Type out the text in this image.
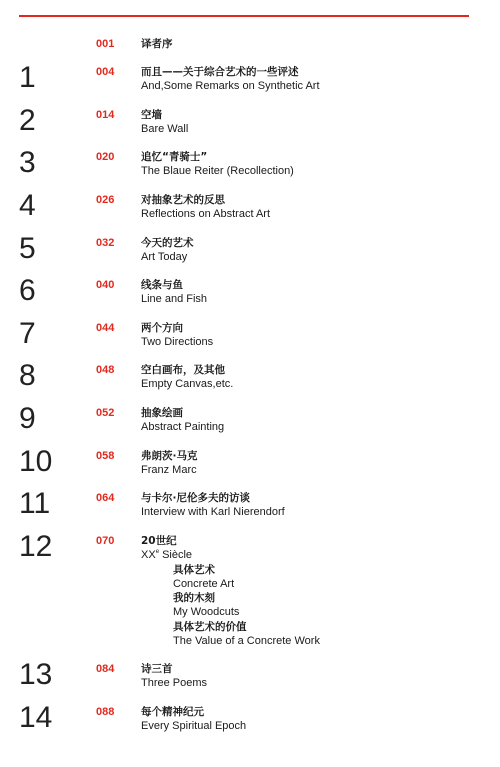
001	译者序
1	004	而且——关于综合艺术的一些评述
And,Some Remarks on Synthetic Art
2	014	空墙
Bare Wall
3	020	追忆“青骑士”
The Blaue Reiter (Recollection)
4	026	对抽象艺术的反思
Reflections on Abstract Art
5	032	今天的艺术
Art Today
6	040	线条与鱼
Line and Fish
7	044	两个方向
Two Directions
8	048	空白画布，及其他
Empty Canvas,etc.
9	052	抽象绘画
Abstract Painting
10	058	弗朗茨·马克
Franz Marc
11	064	与卡尔·尼伦多夫的访谈
Interview with Karl Nierendorf
12	070	20世纪
XXe Siècle
具体艺术
Concrete Art
我的木刻
My Woodcuts
具体艺术的价值
The Value of a Concrete Work
13	084	诗三首
Three Poems
14	088	每个精神纪元
Every Spiritual Epoch
